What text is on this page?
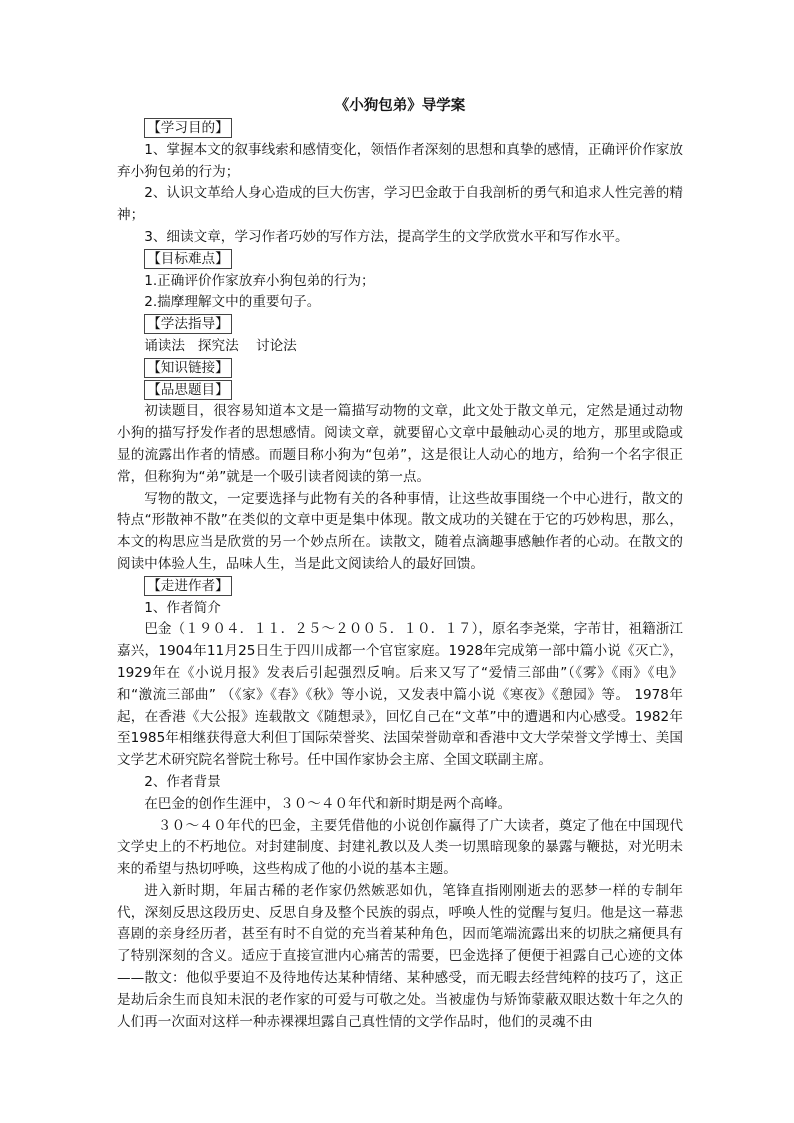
《小狗包弟》导学案
【学习目的】

1、掌握本文的叙事线索和感情变化，领悟作者深刻的思想和真挚的感情，正确评价作家放弃小狗包弟的行为；

2、认识文革给人身心造成的巨大伤害，学习巴金敢于自我剖析的勇气和追求人性完善的精神；

3、细读文章，学习作者巧妙的写作方法，提高学生的文学欣赏水平和写作水平。

【目标难点】

1.正确评价作家放弃小狗包弟的行为；

2.揣摩理解文中的重要句子。

【学法指导】

诵读法   探究法    讨论法

【知识链接】
【品思题目】

初读题目，很容易知道本文是一篇描写动物的文章，此文处于散文单元，定然是通过动物小狗的描写抒发作者的思想感情。阅读文章，就要留心文章中最触动心灵的地方，那里或隐或显的流露出作者的情感。而题目称小狗为“包弟”，这是很让人动心的地方，给狗一个名字很正常，但称狗为“弟”就是一个吸引读者阅读的第一点。

写物的散文，一定要选择与此物有关的各种事情，让这些故事围绕一个中心进行，散文的特点“形散神不散”在类似的文章中更是集中体现。散文成功的关键在于它的巧妙构思，那么，本文的构思应当是欣赏的另一个妙点所在。读散文，随着点滴趣事感触作者的心动。在散文的阅读中体验人生，品味人生，当是此文阅读给人的最好回馈。

【走进作者】

1、作者简介

巴金（１９０４．１１．２５～２００５．１０．１７），原名李尧棠，字芾甘，祖籍浙江嘉兴，1904年11月25日生于四川成都一个官宦家庭。1928年完成第一部中篇小说《灭亡》，1929年在《小说月报》发表后引起强烈反响。后来又写了“爱情三部曲”（《雾》《雨》《电》和“激流三部曲” （《家》《春》《秋》等小说，又发表中篇小说《寒夜》《憩园》等。 1978年起，在香港《大公报》连载散文《随想录》，回忆自己在“文革”中的遭遇和内心感受。1982年至1985年相继获得意大利但丁国际荣誉奖、法国荣誉勋章和香港中文大学荣誉文学博士、美国文学艺术研究院名誉院士称号。任中国作家协会主席、全国文联副主席。

2、作者背景

在巴金的创作生涯中，３０～４０年代和新时期是两个高峰。

３０～４０年代的巴金，主要凭借他的小说创作赢得了广大读者，奠定了他在中国现代文学史上的不朽地位。对封建制度、封建礼教以及人类一切黑暗现象的暴露与鞭挞，对光明未来的希望与热切呼唤，这些构成了他的小说的基本主题。

进入新时期，年届古稀的老作家仍然嫉恶如仇，笔锋直指刚刚逝去的恶梦一样的专制年代，深刻反思这段历史、反思自身及整个民族的弱点，呼唤人性的觉醒与复归。他是这一幕悲喜剧的亲身经历者，甚至有时不自觉的充当着某种角色，因而笔端流露出来的切肤之痛便具有了特别深刻的含义。适应于直接宣泄内心痛苦的需要，巴金选择了便便于袒露自己心迹的文体——散文：他似乎要迫不及待地传达某种情绪、某种感受，而无暇去经营纯粹的技巧了，这正是劫后余生而良知未泯的老作家的可爱与可敬之处。当被虚伪与矫饰蒙蔽双眼达数十年之久的人们再一次面对这样一种赤裸裸坦露自己真性情的文学作品时，他们的灵魂不由
